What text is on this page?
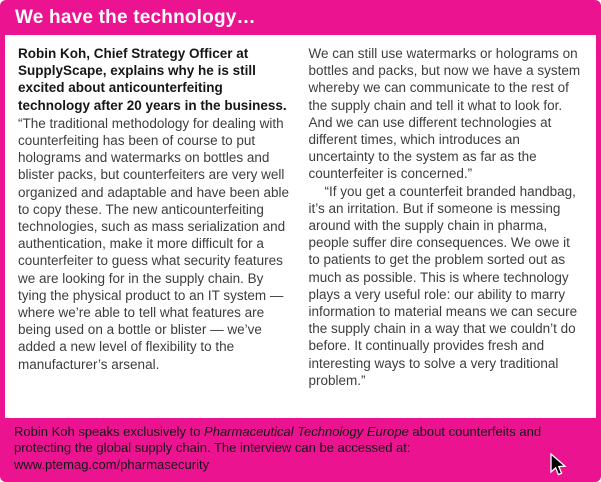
We have the technology…

Robin Koh, Chief Strategy Officer at SupplyScape, explains why he is still excited about anticounterfeiting technology after 20 years in the business.

“The traditional methodology for dealing with counterfeiting has been of course to put holograms and watermarks on bottles and blister packs, but counterfeiters are very well organized and adaptable and have been able to copy these. The new anticounterfeiting technologies, such as mass serialization and authentication, make it more difficult for a counterfeiter to guess what security features we are looking for in the supply chain. By tying the physical product to an IT system — where we’re able to tell what features are being used on a bottle or blister — we’ve added a new level of flexibility to the manufacturer’s arsenal.

We can still use watermarks or holograms on bottles and packs, but now we have a system whereby we can communicate to the rest of the supply chain and tell it what to look for. And we can use different technologies at different times, which introduces an uncertainty to the system as far as the counterfeiter is concerned.”

“If you get a counterfeit branded handbag, it’s an irritation. But if someone is messing around with the supply chain in pharma, people suffer dire consequences. We owe it to patients to get the problem sorted out as much as possible. This is where technology plays a very useful role: our ability to marry information to material means we can secure the supply chain in a way that we couldn’t do before. It continually provides fresh and interesting ways to solve a very traditional problem.”

Robin Koh speaks exclusively to Pharmaceutical Technology Europe about counterfeits and protecting the global supply chain. The interview can be accessed at: www.ptemag.com/pharmasecurity
